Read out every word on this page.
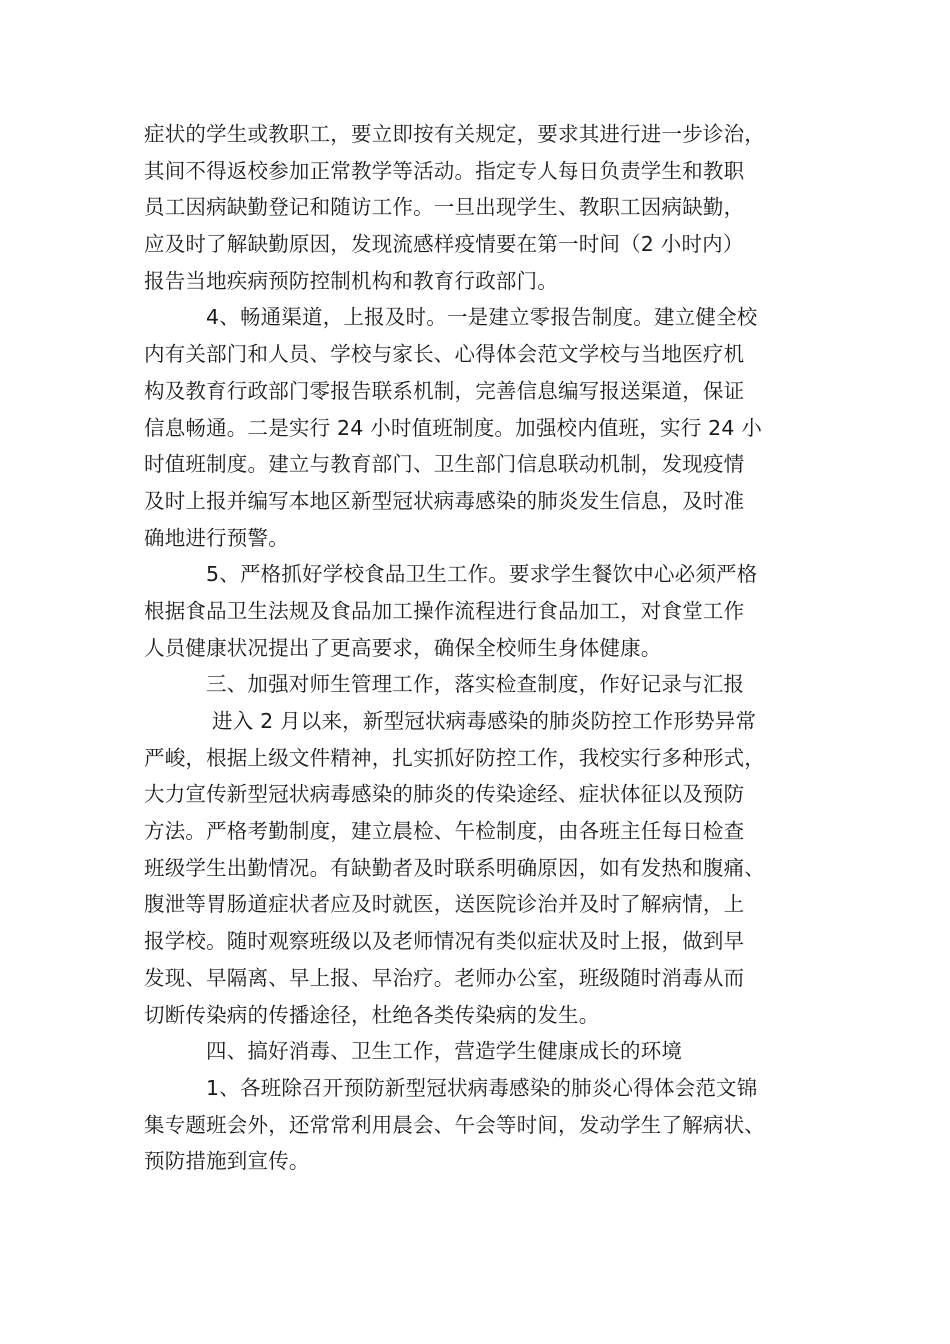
症状的学生或教职工，要立即按有关规定，要求其进行进一步诊治，
其间不得返校参加正常教学等活动。指定专人每日负责学生和教职
员工因病缺勤登记和随访工作。一旦出现学生、教职工因病缺勤，
应及时了解缺勤原因，发现流感样疫情要在第一时间（2 小时内）
报告当地疾病预防控制机构和教育行政部门。
4、畅通渠道，上报及时。一是建立零报告制度。建立健全校
内有关部门和人员、学校与家长、心得体会范文学校与当地医疗机
构及教育行政部门零报告联系机制，完善信息编写报送渠道，保证
信息畅通。二是实行 24 小时值班制度。加强校内值班，实行 24 小
时值班制度。建立与教育部门、卫生部门信息联动机制，发现疫情
及时上报并编写本地区新型冠状病毒感染的肺炎发生信息，及时准
确地进行预警。
5、严格抓好学校食品卫生工作。要求学生餐饮中心必须严格
根据食品卫生法规及食品加工操作流程进行食品加工，对食堂工作
人员健康状况提出了更高要求，确保全校师生身体健康。
三、加强对师生管理工作，落实检查制度，作好记录与汇报
进入 2 月以来，新型冠状病毒感染的肺炎防控工作形势异常
严峻，根据上级文件精神，扎实抓好防控工作，我校实行多种形式，
大力宣传新型冠状病毒感染的肺炎的传染途经、症状体征以及预防
方法。严格考勤制度，建立晨检、午检制度，由各班主任每日检查
班级学生出勤情况。有缺勤者及时联系明确原因，如有发热和腹痛、
腹泄等胃肠道症状者应及时就医，送医院诊治并及时了解病情，上
报学校。随时观察班级以及老师情况有类似症状及时上报，做到早
发现、早隔离、早上报、早治疗。老师办公室，班级随时消毒从而
切断传染病的传播途径，杜绝各类传染病的发生。
四、搞好消毒、卫生工作，营造学生健康成长的环境
1、各班除召开预防新型冠状病毒感染的肺炎心得体会范文锦
集专题班会外，还常常利用晨会、午会等时间，发动学生了解病状、
预防措施到宣传。
